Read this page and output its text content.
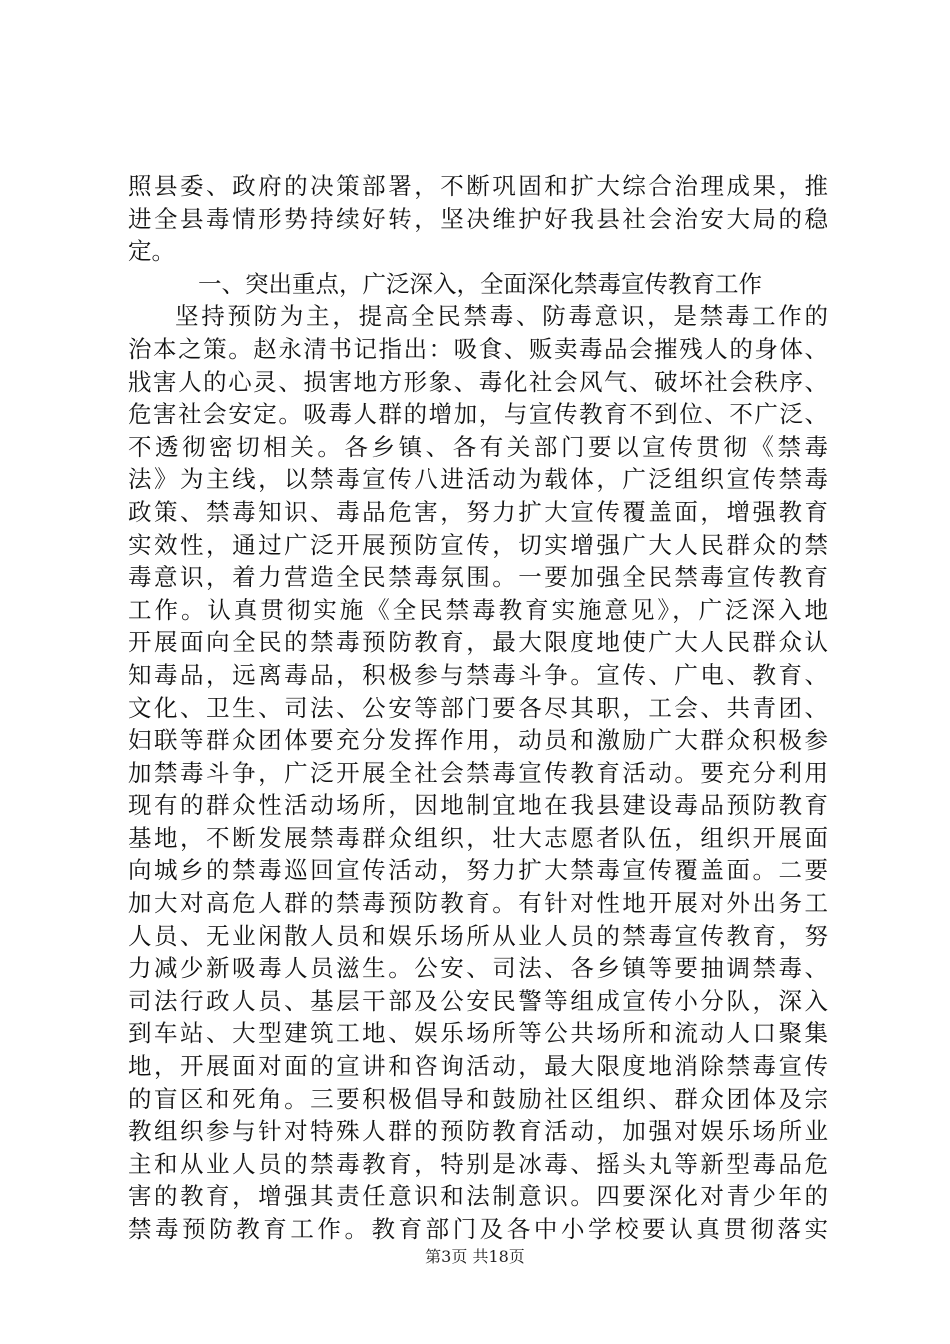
照县委、政府的决策部署，不断巩固和扩大综合治理成果，推
进全县毒情形势持续好转，坚决维护好我县社会治安大局的稳
定。
一、突出重点，广泛深入，全面深化禁毒宣传教育工作
坚持预防为主，提高全民禁毒、防毒意识，是禁毒工作的
治本之策。赵永清书记指出：吸食、贩卖毒品会摧残人的身体、
戕害人的心灵、损害地方形象、毒化社会风气、破坏社会秩序、
危害社会安定。吸毒人群的增加，与宣传教育不到位、不广泛、
不透彻密切相关。各乡镇、各有关部门要以宣传贯彻《禁毒
法》为主线，以禁毒宣传八进活动为载体，广泛组织宣传禁毒
政策、禁毒知识、毒品危害，努力扩大宣传覆盖面，增强教育
实效性，通过广泛开展预防宣传，切实增强广大人民群众的禁
毒意识，着力营造全民禁毒氛围。一要加强全民禁毒宣传教育
工作。认真贯彻实施《全民禁毒教育实施意见》，广泛深入地
开展面向全民的禁毒预防教育，最大限度地使广大人民群众认
知毒品，远离毒品，积极参与禁毒斗争。宣传、广电、教育、
文化、卫生、司法、公安等部门要各尽其职，工会、共青团、
妇联等群众团体要充分发挥作用，动员和激励广大群众积极参
加禁毒斗争，广泛开展全社会禁毒宣传教育活动。要充分利用
现有的群众性活动场所，因地制宜地在我县建设毒品预防教育
基地，不断发展禁毒群众组织，壮大志愿者队伍，组织开展面
向城乡的禁毒巡回宣传活动，努力扩大禁毒宣传覆盖面。二要
加大对高危人群的禁毒预防教育。有针对性地开展对外出务工
人员、无业闲散人员和娱乐场所从业人员的禁毒宣传教育，努
力减少新吸毒人员滋生。公安、司法、各乡镇等要抽调禁毒、
司法行政人员、基层干部及公安民警等组成宣传小分队，深入
到车站、大型建筑工地、娱乐场所等公共场所和流动人口聚集
地，开展面对面的宣讲和咨询活动，最大限度地消除禁毒宣传
的盲区和死角。三要积极倡导和鼓励社区组织、群众团体及宗
教组织参与针对特殊人群的预防教育活动，加强对娱乐场所业
主和从业人员的禁毒教育，特别是冰毒、摇头丸等新型毒品危
害的教育，增强其责任意识和法制意识。四要深化对青少年的
禁毒预防教育工作。教育部门及各中小学校要认真贯彻落实
第3页 共18页
